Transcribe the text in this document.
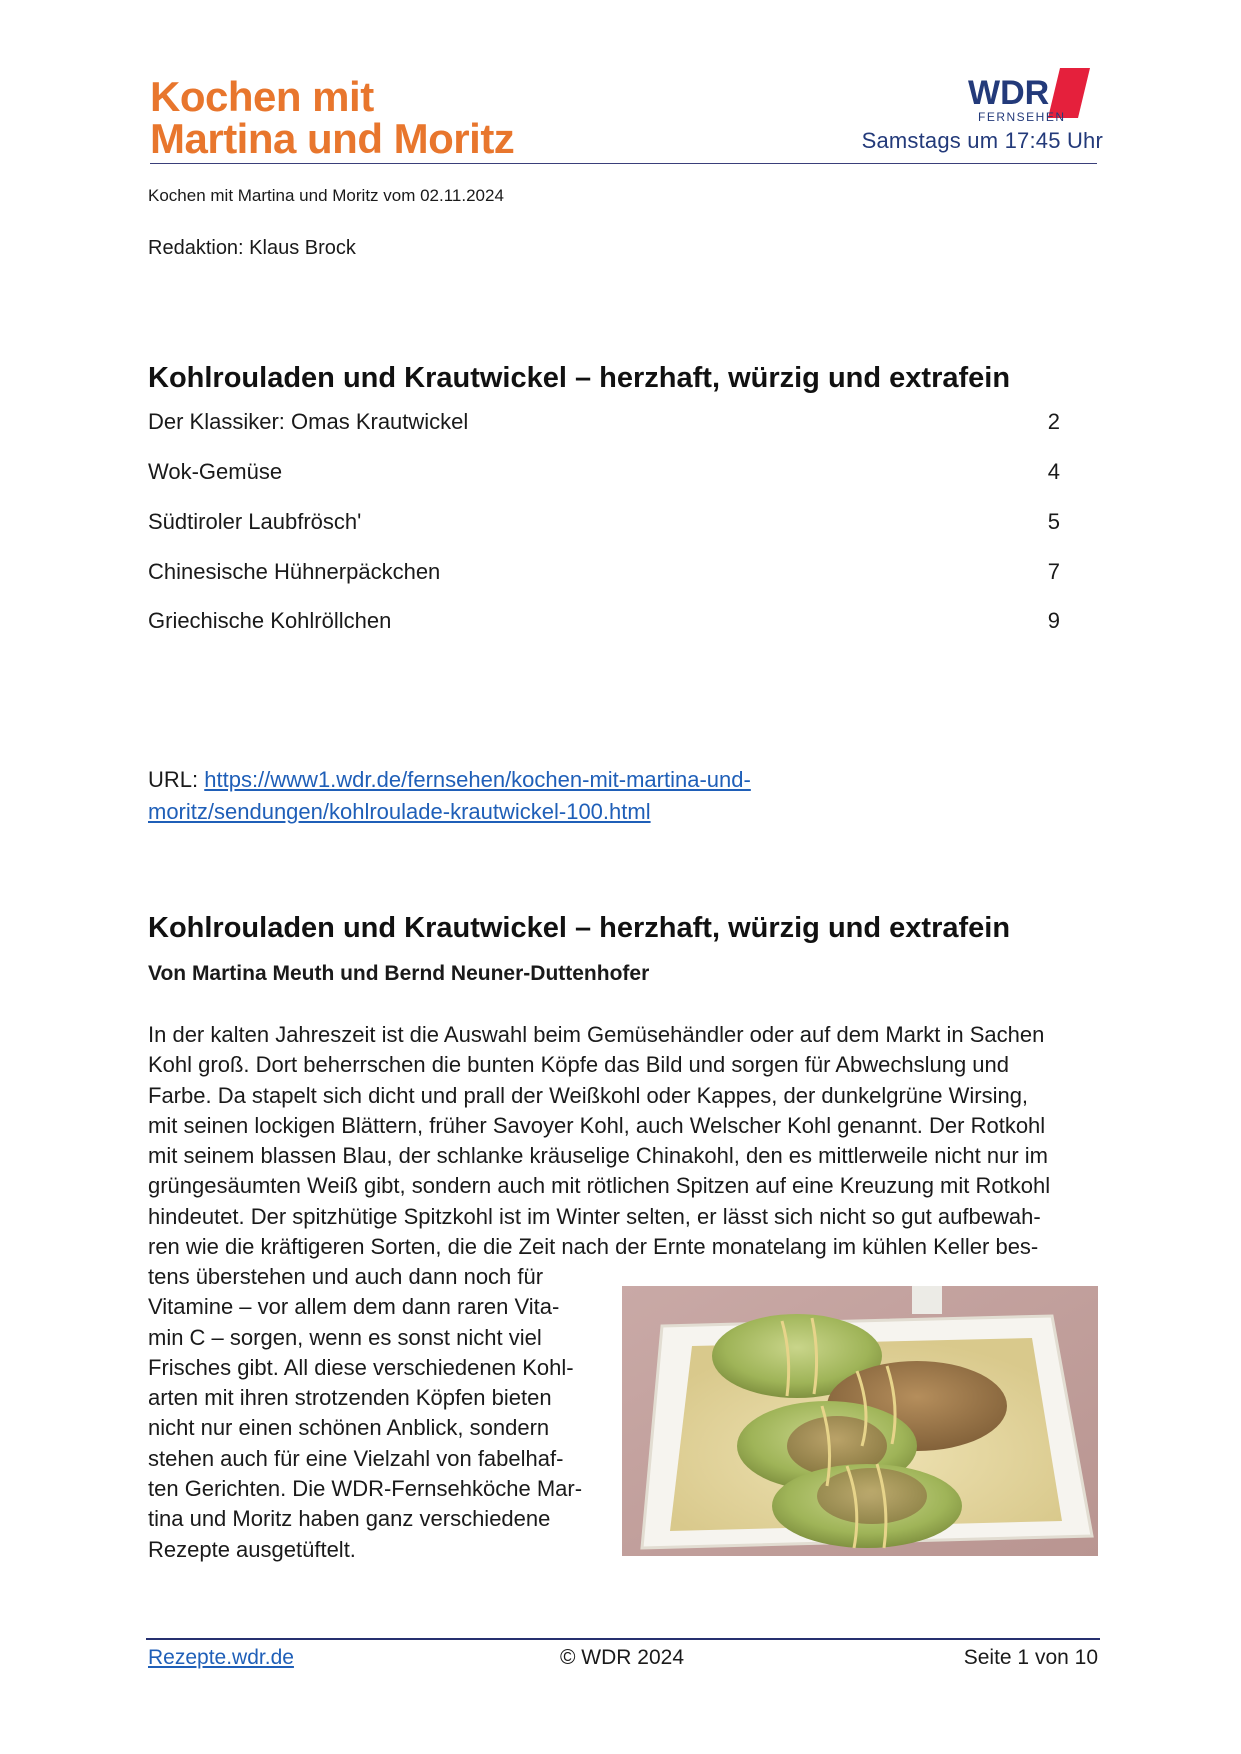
Kochen mit
Martina und Moritz
WDR
FERNSEHEN
Samstags um 17:45 Uhr
Kochen mit Martina und Moritz vom 02.11.2024
Redaktion: Klaus Brock
Kohlrouladen und Krautwickel – herzhaft, würzig und extrafein
Der Klassiker: Omas Krautwickel	2
Wok-Gemüse	4
Südtiroler Laubfrösch'	5
Chinesische Hühnerpäckchen	7
Griechische Kohlröllchen	9
URL: https://www1.wdr.de/fernsehen/kochen-mit-martina-und-
moritz/sendungen/kohlroulade-krautwickel-100.html
Kohlrouladen und Krautwickel – herzhaft, würzig und extrafein
Von Martina Meuth und Bernd Neuner-Duttenhofer
In der kalten Jahreszeit ist die Auswahl beim Gemüsehändler oder auf dem Markt in Sachen
Kohl groß. Dort beherrschen die bunten Köpfe das Bild und sorgen für Abwechslung und
Farbe. Da stapelt sich dicht und prall der Weißkohl oder Kappes, der dunkelgrüne Wirsing,
mit seinen lockigen Blättern, früher Savoyer Kohl, auch Welscher Kohl genannt. Der Rotkohl
mit seinem blassen Blau, der schlanke kräuselige Chinakohl, den es mittlerweile nicht nur im
grüngesäumten Weiß gibt, sondern auch mit rötlichen Spitzen auf eine Kreuzung mit Rotkohl
hindeutet. Der spitzhütige Spitzkohl ist im Winter selten, er lässt sich nicht so gut aufbewah-
ren wie die kräftigeren Sorten, die die Zeit nach der Ernte monatelang im kühlen Keller bes-
tens überstehen und auch dann noch für
Vitamine – vor allem dem dann raren Vita-
min C – sorgen, wenn es sonst nicht viel
Frisches gibt. All diese verschiedenen Kohl-
arten mit ihren strotzenden Köpfen bieten
nicht nur einen schönen Anblick, sondern
stehen auch für eine Vielzahl von fabelhaf-
ten Gerichten. Die WDR-Fernsehköche Mar-
tina und Moritz haben ganz verschiedene
Rezepte ausgetüftelt.
Rezepte.wdr.de	© WDR 2024	Seite 1 von 10
